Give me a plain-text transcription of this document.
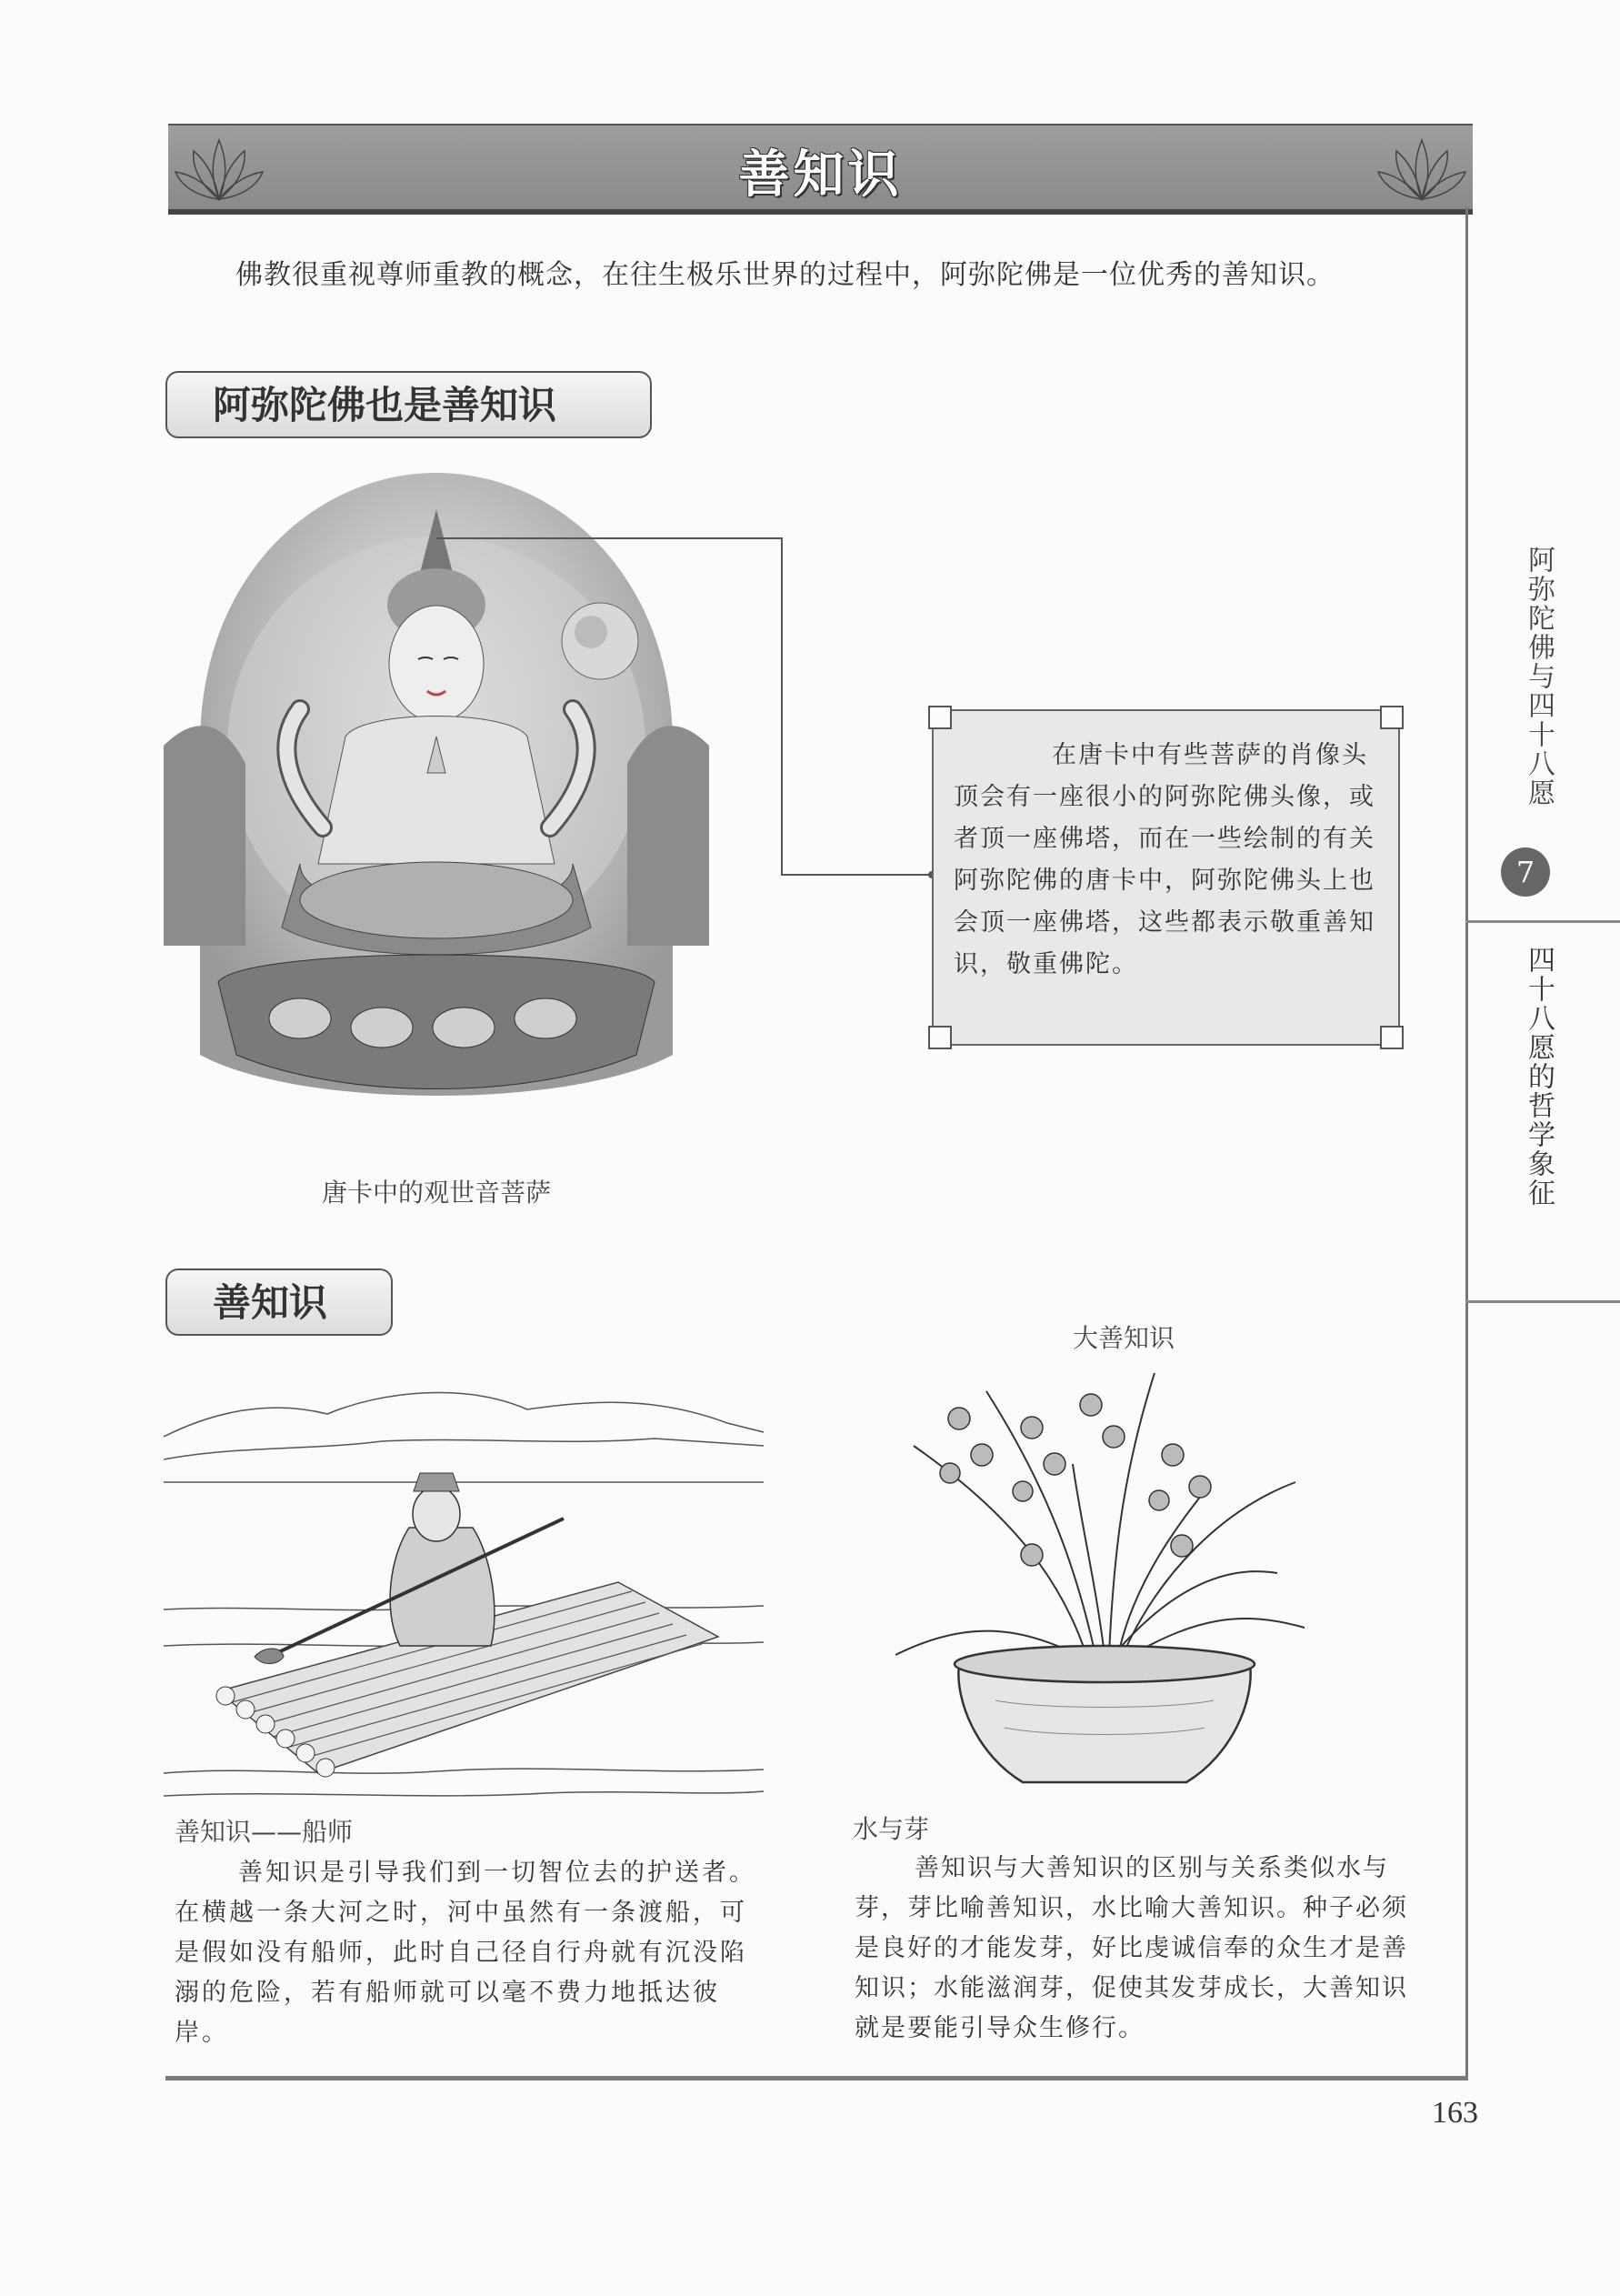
善知识

佛教很重视尊师重教的概念，在往生极乐世界的过程中，阿弥陀佛是一位优秀的善知识。

阿弥陀佛也是善知识
唐卡中的观世音菩萨
在唐卡中有些菩萨的肖像头顶会有一座很小的阿弥陀佛头像，或者顶一座佛塔，而在一些绘制的有关阿弥陀佛的唐卡中，阿弥陀佛头上也会顶一座佛塔，这些都表示敬重善知识，敬重佛陀。
善知识
善知识——船师

善知识是引导我们到一切智位去的护送者。在横越一条大河之时，河中虽然有一条渡船，可是假如没有船师，此时自己径自行舟就有沉没陷溺的危险，若有船师就可以毫不费力地抵达彼岸。

大善知识
水与芽

善知识与大善知识的区别与关系类似水与芽，芽比喻善知识，水比喻大善知识。种子必须是良好的才能发芽，好比虔诚信奉的众生才是善知识；水能滋润芽，促使其发芽成长，大善知识就是要能引导众生修行。

阿弥陀佛与四十八愿
7
四十八愿的哲学象征
163
